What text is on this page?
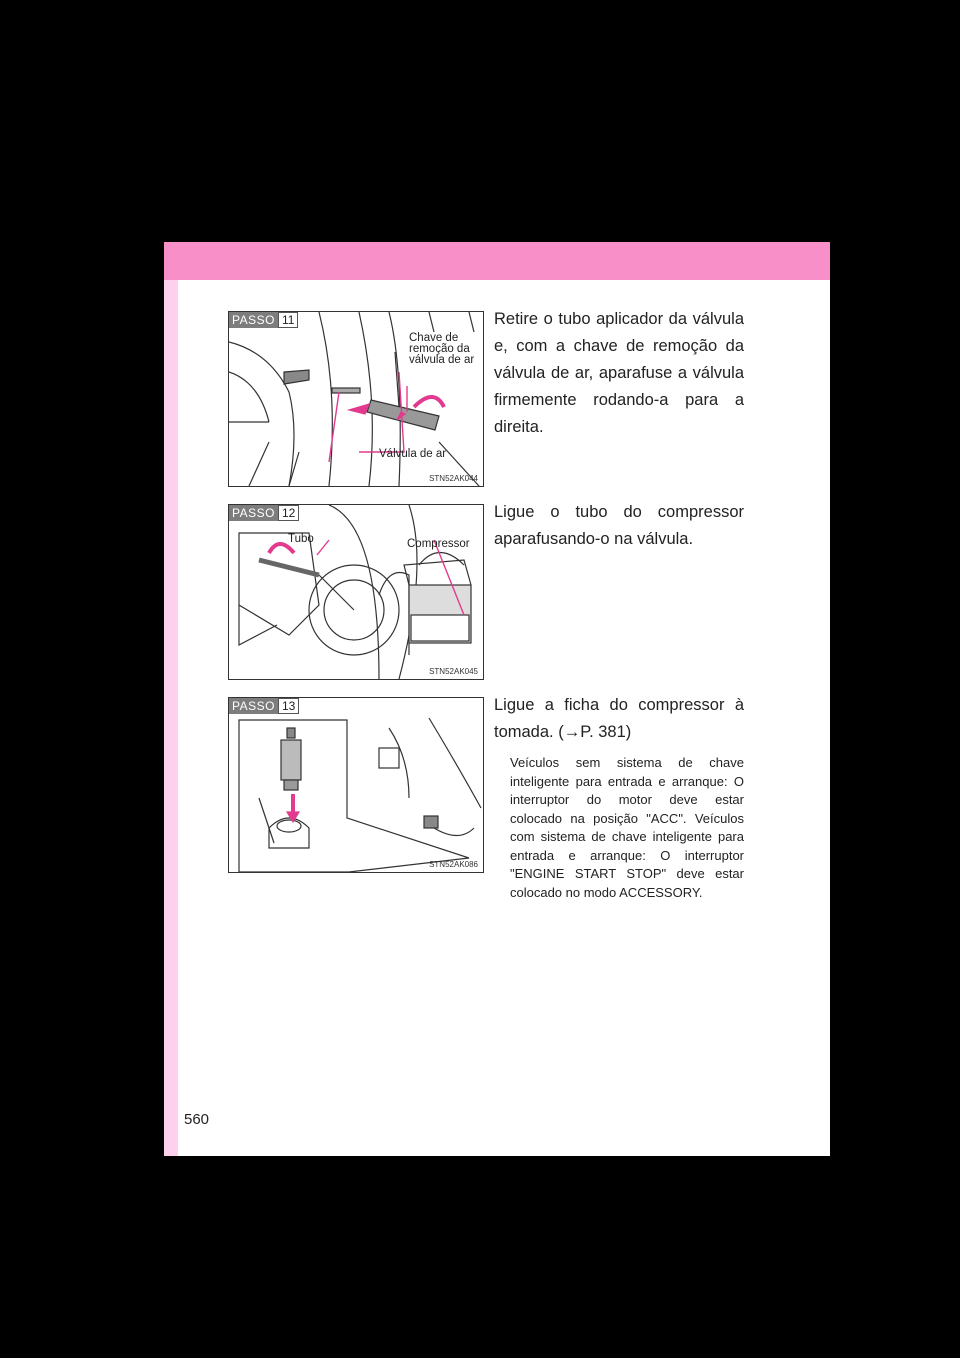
PASSO 11
Chave de remoção da válvula de ar
Válvula de ar
STN52AK044
Retire o tubo aplicador da válvula e, com a chave de remoção da válvula de ar, aparafuse a válvula firmemente rodando-a para a direita.
PASSO 12
Tubo	Compressor
STN52AK045
Ligue o tubo do compressor aparafusando-o na válvula.
PASSO 13
STN52AK086
Ligue a ficha do compressor à tomada. (→P. 381)
Veículos sem sistema de chave inteligente para entrada e arranque: O interruptor do motor deve estar colocado na posição "ACC". Veículos com sistema de chave inteligente para entrada e arranque: O interruptor "ENGINE START STOP" deve estar colocado no modo ACCESSORY.
560
